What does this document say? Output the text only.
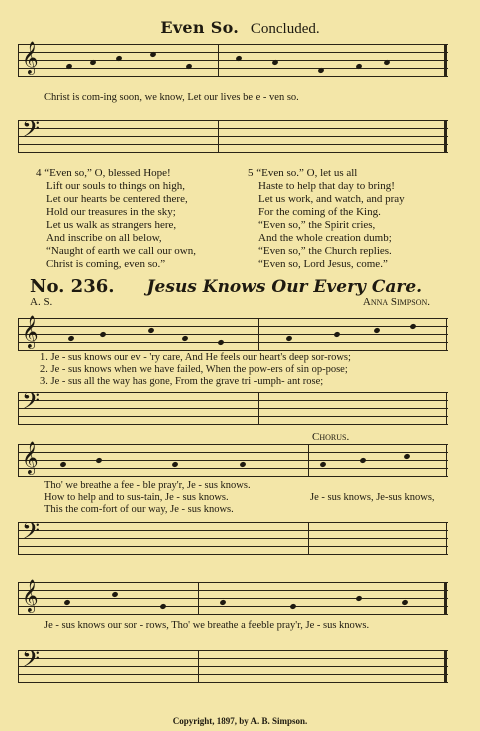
Even So. Concluded.
𝄞
Christ is com-ing soon, we know, Let our lives be e - ven so.
𝄢
4 “Even so,” O, blessed Hope!
Lift our souls to things on high,
Let our hearts be centered there,
Hold our treasures in the sky;
Let us walk as strangers here,
And inscribe on all below,
“Naught of earth we call our own,
Christ is coming, even so.”
5 “Even so.” O, let us all
Haste to help that day to bring!
Let us work, and watch, and pray
For the coming of the King.
“Even so,” the Spirit cries,
And the whole creation dumb;
“Even so,” the Church replies.
“Even so, Lord Jesus, come.”
No. 236. Jesus Knows Our Every Care.
A. S.	Anna Simpson.
𝄞
1. Je - sus knows our ev - 'ry care, And He feels our heart's deep sor-rows;
2. Je - sus knows when we have failed, When the pow-ers of sin op-pose;
3. Je - sus all the way has gone, From the grave tri -umph- ant rose;
𝄢
Chorus.
𝄞
Tho' we breathe a fee - ble pray'r, Je - sus knows.
How to help and to sus-tain, Je - sus knows.
This the com-fort of our way, Je - sus knows.
Je - sus knows, Je-sus knows,
𝄢
𝄞
Je - sus knows our sor - rows, Tho' we breathe a feeble pray'r, Je - sus knows.
𝄢
Copyright, 1897, by A. B. Simpson.
